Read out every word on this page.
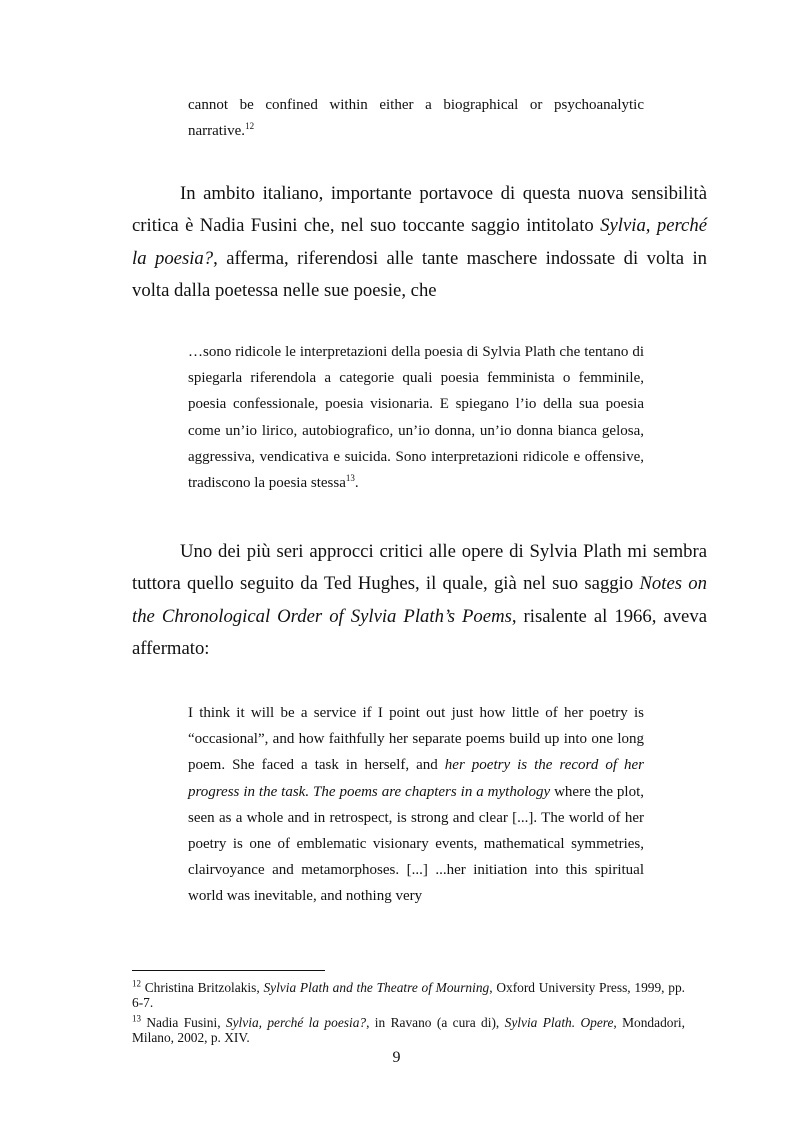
cannot be confined within either a biographical or psychoanalytic narrative.$^{12}$
In ambito italiano, importante portavoce di questa nuova sensibilità critica è Nadia Fusini che, nel suo toccante saggio intitolato Sylvia, perché la poesia?, afferma, riferendosi alle tante maschere indossate di volta in volta dalla poetessa nelle sue poesie, che
…sono ridicole le interpretazioni della poesia di Sylvia Plath che tentano di spiegarla riferendola a categorie quali poesia femminista o femminile, poesia confessionale, poesia visionaria. E spiegano l’io della sua poesia come un’io lirico, autobiografico, un’io donna, un’io donna bianca gelosa, aggressiva, vendicativa e suicida. Sono interpretazioni ridicole e offensive, tradiscono la poesia stessa$^{13}$.
Uno dei più seri approcci critici alle opere di Sylvia Plath mi sembra tuttora quello seguito da Ted Hughes, il quale, già nel suo saggio Notes on the Chronological Order of Sylvia Plath’s Poems, risalente al 1966, aveva affermato:
I think it will be a service if I point out just how little of her poetry is “occasional”, and how faithfully her separate poems build up into one long poem. She faced a task in herself, and her poetry is the record of her progress in the task. The poems are chapters in a mythology where the plot, seen as a whole and in retrospect, is strong and clear [...]. The world of her poetry is one of emblematic visionary events, mathematical symmetries, clairvoyance and metamorphoses. [...] ...her initiation into this spiritual world was inevitable, and nothing very
$^{12}$ Christina Britzolakis, Sylvia Plath and the Theatre of Mourning, Oxford University Press, 1999, pp. 6-7.
$^{13}$ Nadia Fusini, Sylvia, perché la poesia?, in Ravano (a cura di), Sylvia Plath. Opere, Mondadori, Milano, 2002, p. XIV.
9
